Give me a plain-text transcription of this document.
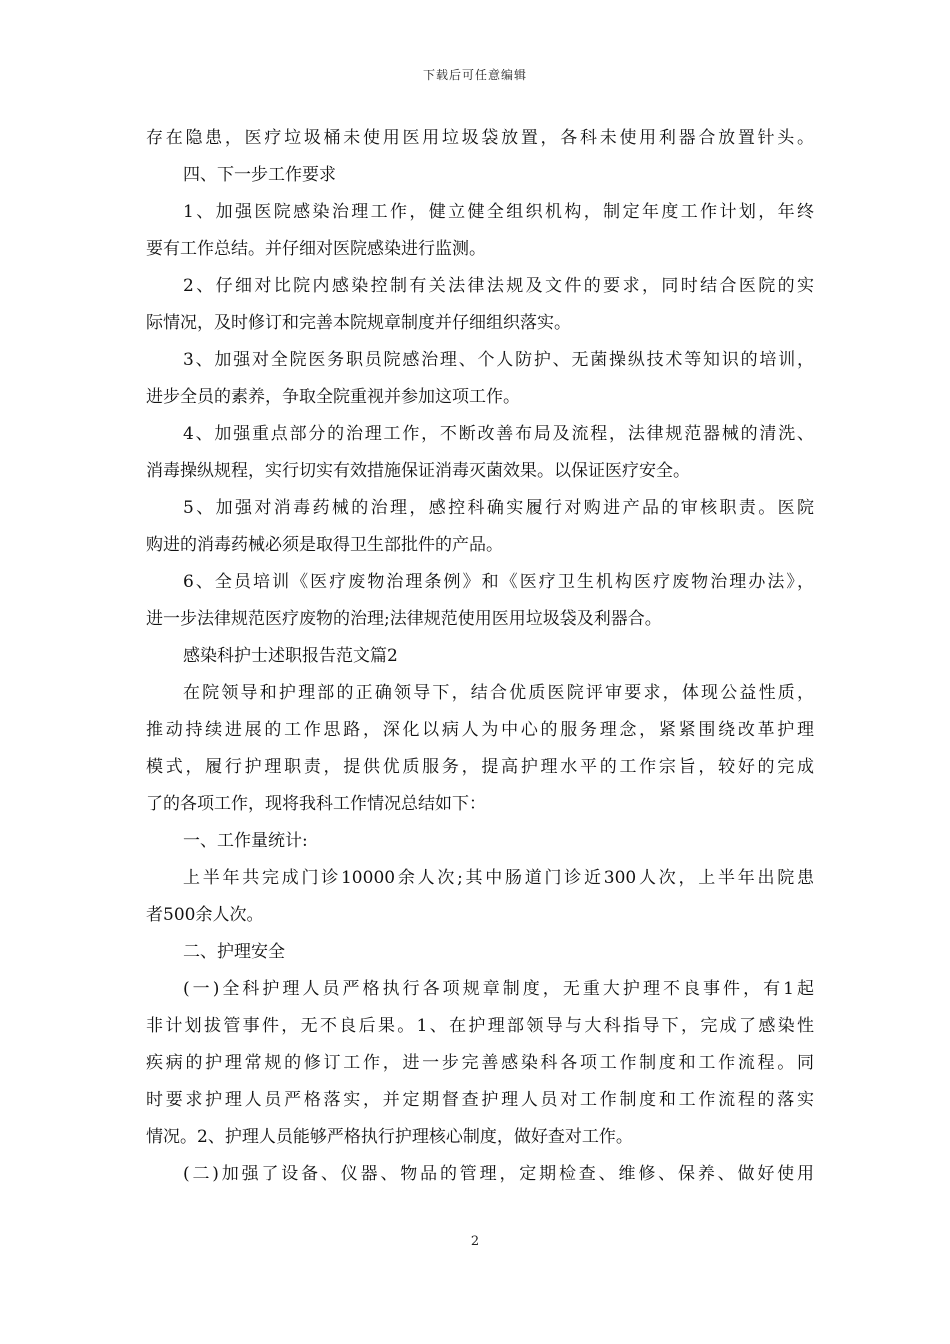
下载后可任意编辑
存在隐患，医疗垃圾桶未使用医用垃圾袋放置，各科未使用利器合放置针头。
四、下一步工作要求
1、加强医院感染治理工作，健立健全组织机构，制定年度工作计划，年终
要有工作总结。并仔细对医院感染进行监测。
2、仔细对比院内感染控制有关法律法规及文件的要求，同时结合医院的实
际情况，及时修订和完善本院规章制度并仔细组织落实。
3、加强对全院医务职员院感治理、个人防护、无菌操纵技术等知识的培训，
进步全员的素养，争取全院重视并参加这项工作。
4、加强重点部分的治理工作，不断改善布局及流程，法律规范器械的清洗、
消毒操纵规程，实行切实有效措施保证消毒灭菌效果。以保证医疗安全。
5、加强对消毒药械的治理，感控科确实履行对购进产品的审核职责。医院
购进的消毒药械必须是取得卫生部批件的产品。
6、全员培训《医疗废物治理条例》和《医疗卫生机构医疗废物治理办法》，
进一步法律规范医疗废物的治理;法律规范使用医用垃圾袋及利器合。
感染科护士述职报告范文篇2
在院领导和护理部的正确领导下，结合优质医院评审要求，体现公益性质，
推动持续进展的工作思路，深化以病人为中心的服务理念，紧紧围绕改革护理
模式，履行护理职责，提供优质服务，提高护理水平的工作宗旨，较好的完成
了的各项工作，现将我科工作情况总结如下：
一、工作量统计:
上半年共完成门诊10000余人次;其中肠道门诊近300人次，上半年出院患
者500余人次。
二、护理安全
(一)全科护理人员严格执行各项规章制度，无重大护理不良事件，有1起
非计划拔管事件，无不良后果。1、在护理部领导与大科指导下，完成了感染性
疾病的护理常规的修订工作，进一步完善感染科各项工作制度和工作流程。同
时要求护理人员严格落实，并定期督查护理人员对工作制度和工作流程的落实
情况。2、护理人员能够严格执行护理核心制度，做好查对工作。
(二)加强了设备、仪器、物品的管理，定期检查、维修、保养、做好使用
2
